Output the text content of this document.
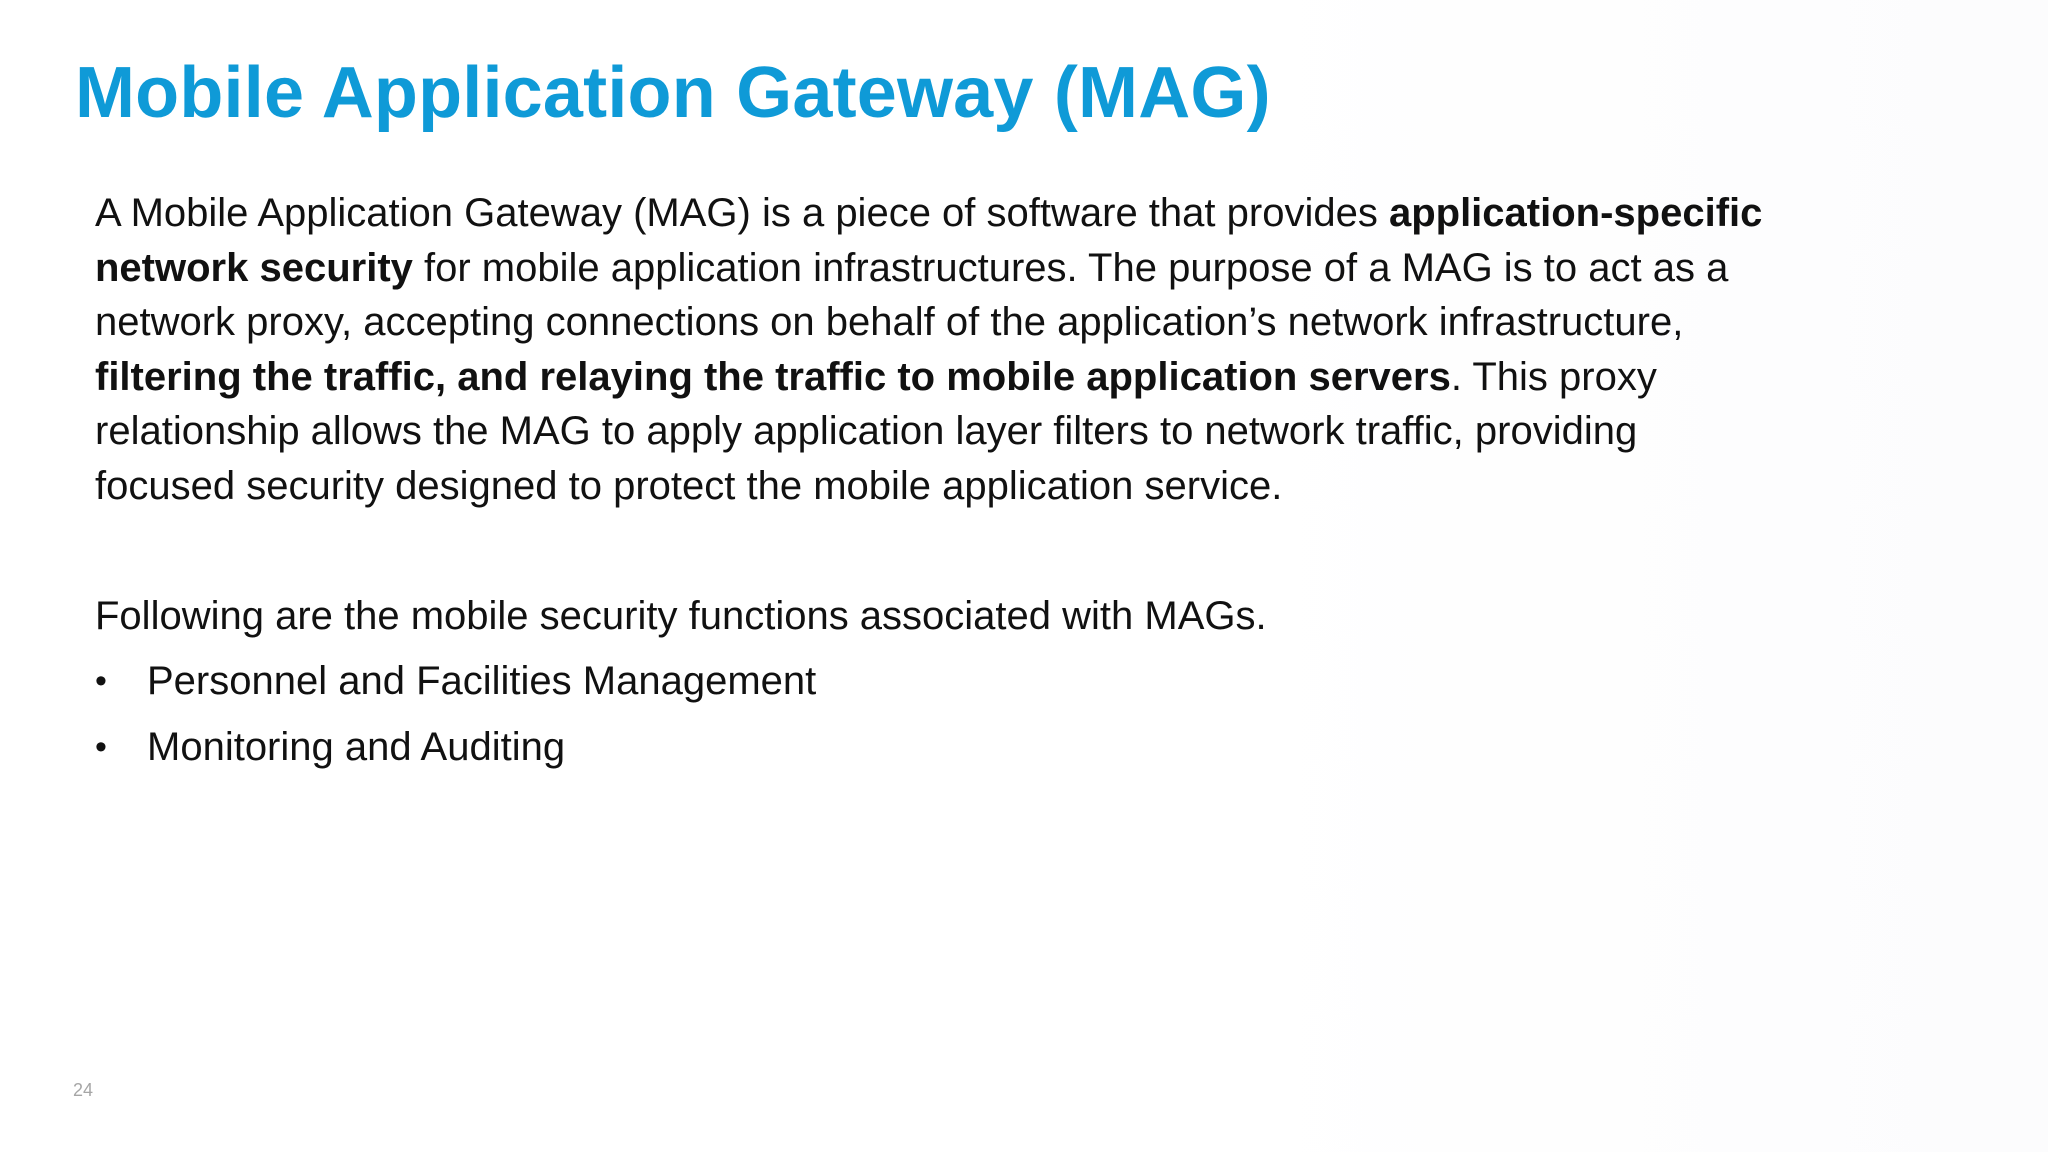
Mobile Application Gateway (MAG)

A Mobile Application Gateway (MAG) is a piece of software that provides application-specific
network security for mobile application infrastructures. The purpose of a MAG is to act as a
network proxy, accepting connections on behalf of the application’s network infrastructure,
filtering the traffic, and relaying the traffic to mobile application servers. This proxy
relationship allows the MAG to apply application layer filters to network traffic, providing
focused security designed to protect the mobile application service.

Following are the mobile security functions associated with MAGs.

•	Personnel and Facilities Management
•	Monitoring and Auditing
24
